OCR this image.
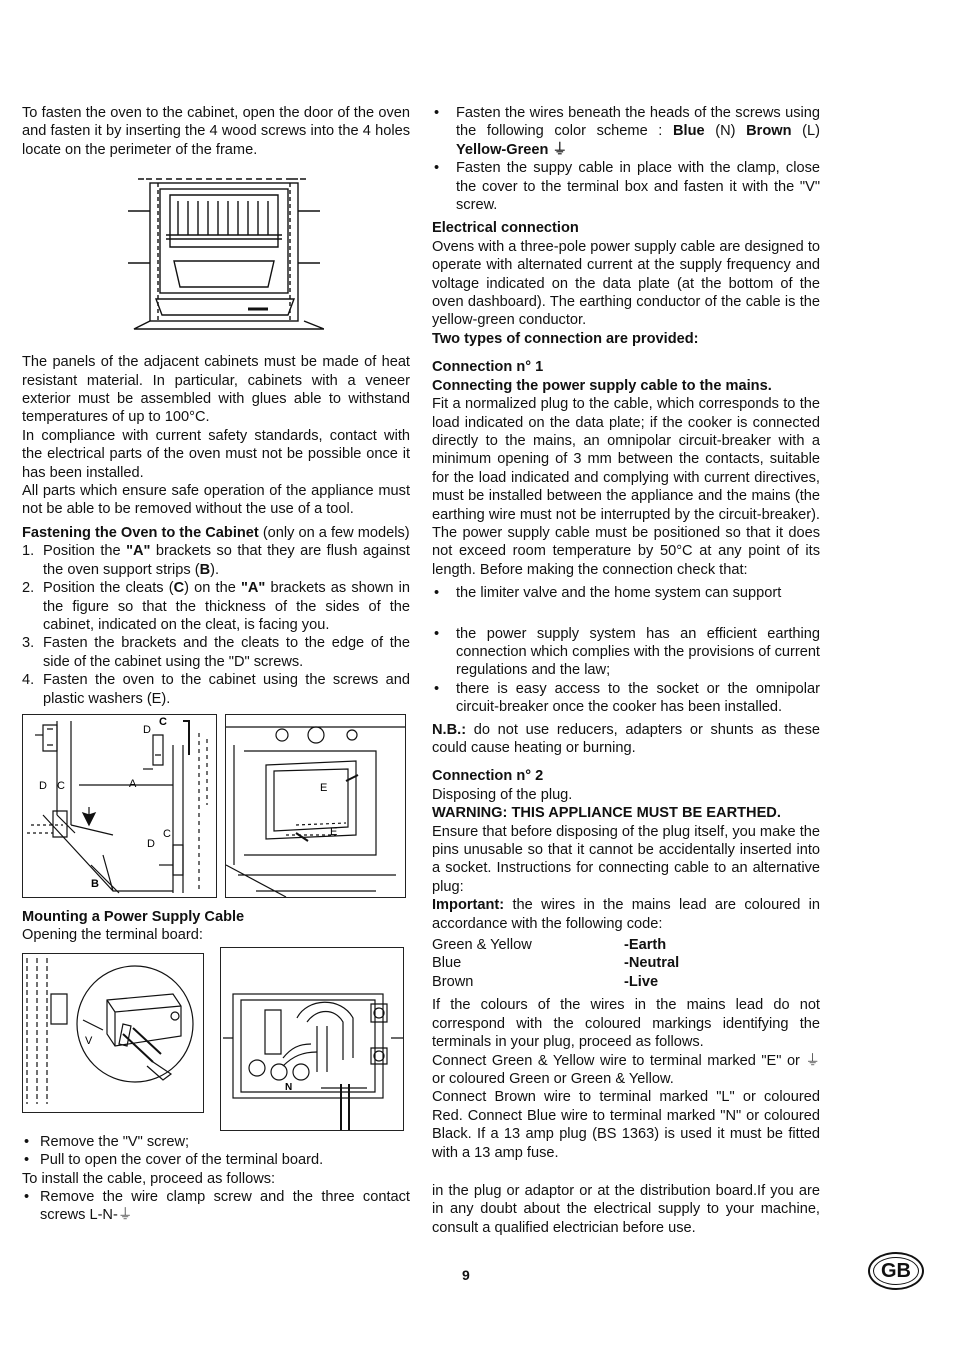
To fasten the oven to the cabinet, open the door of the oven and fasten it by inserting the 4 wood screws into the 4 holes locate on the perimeter of the frame.

The panels of the adjacent cabinets must be made of heat resistant material. In particular, cabinets with a veneer exterior must be assembled with glues able to withstand temperatures of up to 100°C.

In compliance with current safety standards, contact with the electrical parts of the oven must not be possible once it has been installed.

All parts which ensure safe operation of the appliance must not be able to be removed without the use of a tool.

Fastening the Oven to the Cabinet (only on a few models)

1. Position the "A" brackets so that they are flush against the oven support strips (B).
2. Position the cleats (C) on the "A" brackets as shown in the figure so that the thickness of the sides of the cabinet, indicated on the cleat, is facing you.
3. Fasten the brackets and the cleats to the edge of the side of the cabinet using the "D" screws.
4. Fasten the oven to the cabinet using the screws and plastic washers (E).
C
D
A
D C
C
D
B
E
E

Mounting a Power Supply Cable

Opening the terminal board:

V
N
• Remove the "V" screw;
• Pull to open the cover of the terminal board.

To install the cable, proceed as follows:

• Remove the wire clamp screw and the three contact screws L-N-⏚
• Fasten the wires beneath the heads of the screws using the following color scheme : Blue (N) Brown (L) Yellow-Green ⏚
• Fasten the suppy cable in place with the clamp, close the cover to the terminal box and fasten it with the "V" screw.

Electrical connection

Ovens with a three-pole power supply cable are designed to operate with alternated current at the supply frequency and voltage indicated on the data plate (at the bottom of the oven dashboard). The earthing conductor of the cable is the yellow-green conductor.

Two types of connection are provided:

Connection n° 1

Connecting the power supply cable to the mains.

Fit a normalized plug to the cable, which corresponds to the load indicated on the data plate; if the cooker is connected directly to the mains, an omnipolar circuit-breaker with a minimum opening of 3 mm between the contacts, suitable for the load indicated and complying with current directives, must be installed between the appliance and the mains (the earthing wire must not be interrupted by the circuit-breaker). The power supply cable must be positioned so that it does not exceed room temperature by 50°C at any point of its length. Before making the connection check that:

• the limiter valve and the home system can support
• the power supply system has an efficient earthing connection which complies with the provisions of current regulations and the law;
• there is easy access to the socket or the omnipolar circuit-breaker once the cooker has been installed.

N.B.: do not use reducers, adapters or shunts as these could cause heating or burning.

Connection n° 2

Disposing of the plug.

WARNING: THIS APPLIANCE MUST BE EARTHED.

Ensure that before disposing of the plug itself, you make the pins unusable so that it cannot be accidentally inserted into a socket. Instructions for connecting cable to an alternative plug:

Important: the wires in the mains lead are coloured in accordance with the following code:

Green & Yellow	-Earth
Blue	-Neutral
Brown	-Live

If the colours of the wires in the mains lead do not correspond with the coloured markings identifying the terminals in your plug, proceed as follows.

Connect Green & Yellow wire to terminal marked "E" or ⏚ or coloured Green or Green & Yellow.

Connect Brown wire to terminal marked "L" or coloured Red. Connect Blue wire to terminal marked "N" or coloured Black. If a 13 amp plug (BS 1363) is used it must be fitted with a 13 amp fuse.

in the plug or adaptor or at the distribution board.If you are in any doubt about the electrical supply to your machine, consult a qualified electrician before use.

9	GB
